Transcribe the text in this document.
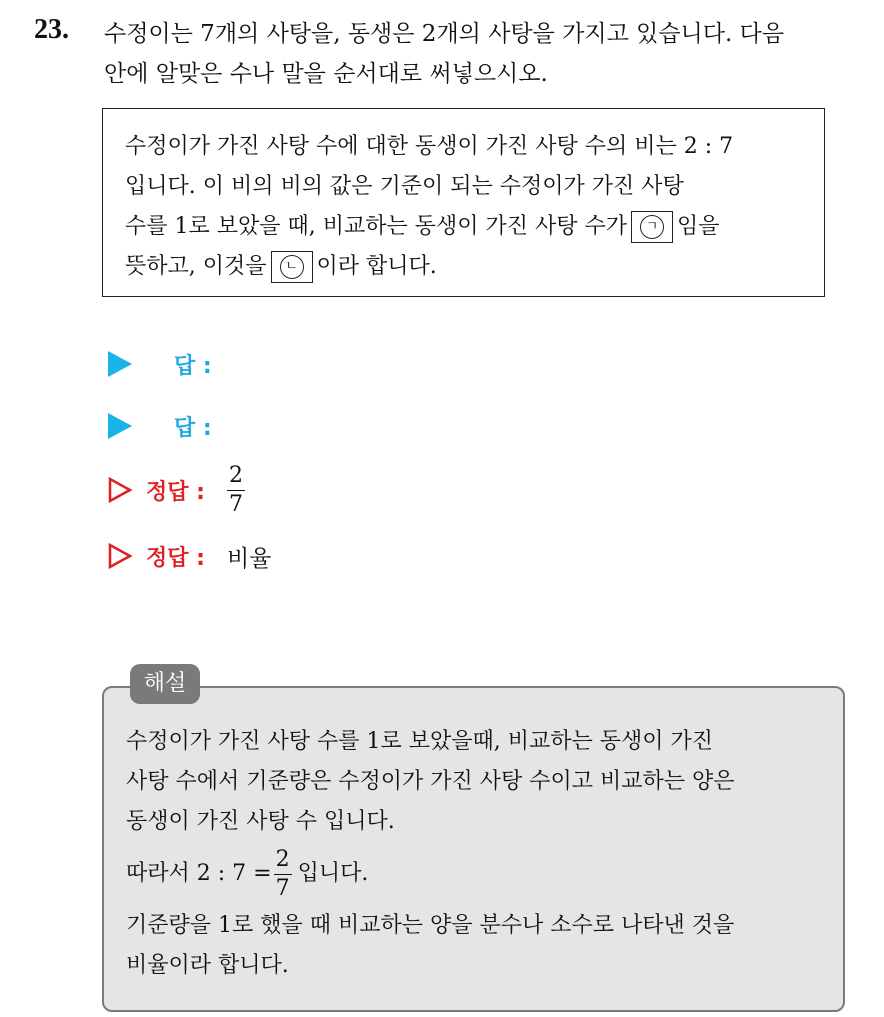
23. 수정이는 7개의 사탕을, 동생은 2개의 사탕을 가지고 있습니다. 다음
안에 알맞은 수나 말을 순서대로 써넣으시오.
수정이가 가진 사탕 수에 대한 동생이 가진 사탕 수의 비는 2 : 7
입니다. 이 비의 비의 값은 기준이 되는 수정이가 가진 사탕
수를 1로 보았을 때, 비교하는 동생이 가진 사탕 수가 ㄱ 임을
뜻하고, 이것을 ㄴ 이라 합니다.
답 :
답 :
정답 : $\frac{2}{7}$
정답 : 비율
해설
수정이가 가진 사탕 수를 1로 보았을때, 비교하는 동생이 가진
사탕 수에서 기준량은 수정이가 가진 사탕 수이고 비교하는 양은
동생이 가진 사탕 수 입니다.
따라서 2 : $7 = \frac{2}{7}$ 입니다.
기준량을 1로 했을 때 비교하는 양을 분수나 소수로 나타낸 것을
비율이라 합니다.
